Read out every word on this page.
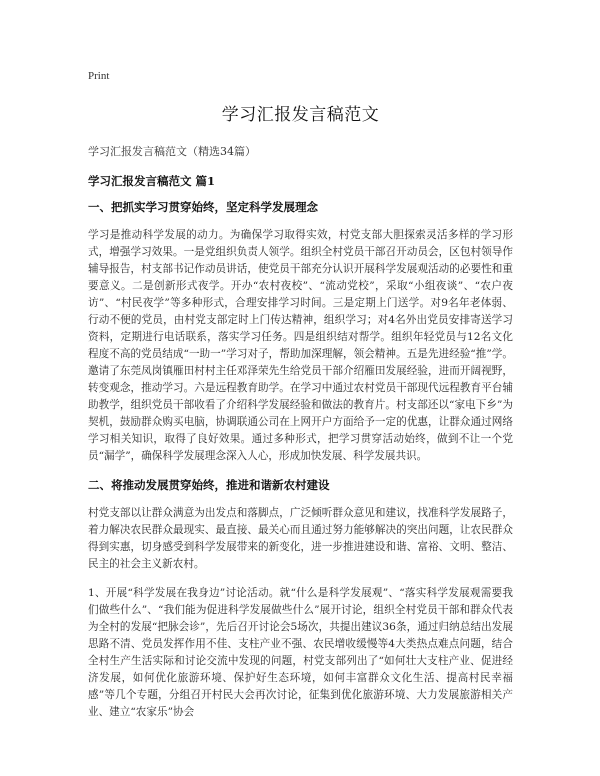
Print
学习汇报发言稿范文
学习汇报发言稿范文（精选34篇）
学习汇报发言稿范文 篇1
一、把抓实学习贯穿始终，坚定科学发展理念

学习是推动科学发展的动力。为确保学习取得实效，村党支部大胆探索灵活多样的学习形式，增强学习效果。一是党组织负责人领学。组织全村党员干部召开动员会，区包村领导作辅导报告，村支部书记作动员讲话，使党员干部充分认识开展科学发展观活动的必要性和重要意义。二是创新形式夜学。开办“农村夜校”、“流动党校”，采取“小组夜谈”、“农户夜访”、“村民夜学”等多种形式，合理安排学习时间。三是定期上门送学。对9名年老体弱、行动不便的党员，由村党支部定时上门传达精神，组织学习；对4名外出党员安排寄送学习资料，定期进行电话联系，落实学习任务。四是组织结对帮学。组织年轻党员与12名文化程度不高的党员结成“一助一”学习对子，帮助加深理解，领会精神。五是先进经验“推”学。邀请了东莞凤岗镇雁田村村主任邓泽荣先生给党员干部介绍雁田发展经验，进而开阔视野，转变观念，推动学习。六是远程教育助学。在学习中通过农村党员干部现代远程教育平台辅助教学，组织党员干部收看了介绍科学发展经验和做法的教育片。村支部还以“家电下乡”为契机，鼓励群众购买电脑，协调联通公司在上网开户方面给予一定的优惠，让群众通过网络学习相关知识，取得了良好效果。通过多种形式，把学习贯穿活动始终，做到不让一个党员“漏学”，确保科学发展理念深入人心，形成加快发展、科学发展共识。

二、将推动发展贯穿始终，推进和谐新农村建设

村党支部以让群众满意为出发点和落脚点，广泛倾听群众意见和建议，找准科学发展路子，着力解决农民群众最现实、最直接、最关心而且通过努力能够解决的突出问题，让农民群众得到实惠，切身感受到科学发展带来的新变化，进一步推进建设和谐、富裕、文明、整洁、民主的社会主义新农村。

1、开展“科学发展在我身边”讨论活动。就“什么是科学发展观”、“落实科学发展观需要我们做些什么”、“我们能为促进科学发展做些什么”展开讨论，组织全村党员干部和群众代表为全村的发展“把脉会诊”，先后召开讨论会5场次，共提出建议36条，通过归纳总结出发展思路不清、党员发挥作用不佳、支柱产业不强、农民增收缓慢等4大类热点难点问题，结合全村生产生活实际和讨论交流中发现的问题，村党支部列出了“如何壮大支柱产业、促进经济发展，如何优化旅游环境、保护好生态环境，如何丰富群众文化生活、提高村民幸福感”等几个专题，分组召开村民大会再次讨论，征集到优化旅游环境、大力发展旅游相关产业、建立“农家乐”协会
